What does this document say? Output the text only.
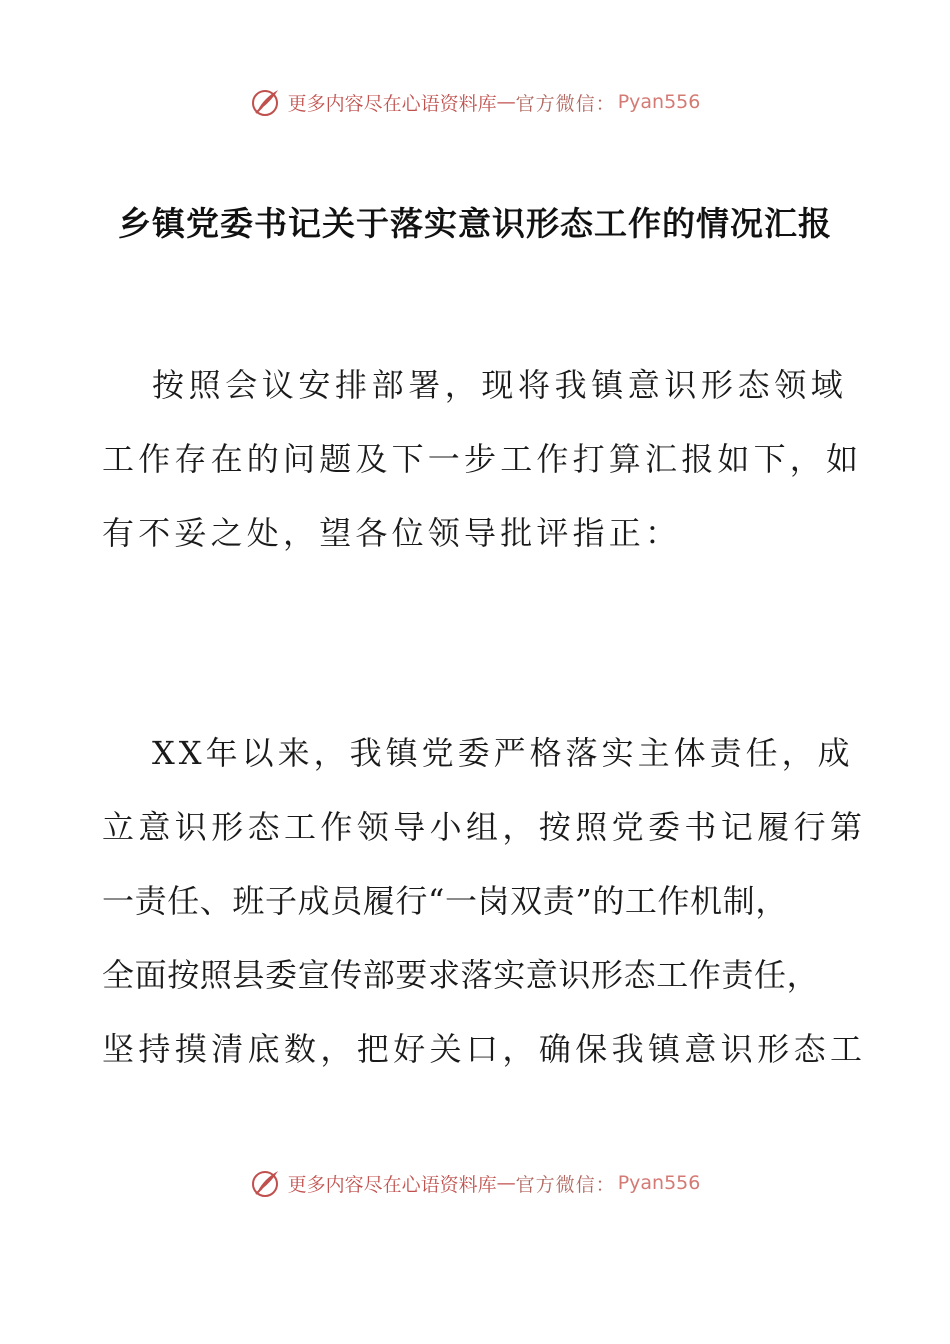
更多内容尽在心语资料库 — 官方微信： Pyan556
乡镇党委书记关于落实意识形态工作的情况汇报
按照会议安排部署，现将我镇意识形态领域
工作存在的问题及下一步工作打算汇报如下，如
有不妥之处，望各位领导批评指正：
XX年以来，我镇党委严格落实主体责任，成
立意识形态工作领导小组，按照党委书记履行第
一责任、班子成员履行“一岗双责”的工作机制，
全面按照县委宣传部要求落实意识形态工作责任，
坚持摸清底数，把好关口，确保我镇意识形态工
更多内容尽在心语资料库 — 官方微信： Pyan556
